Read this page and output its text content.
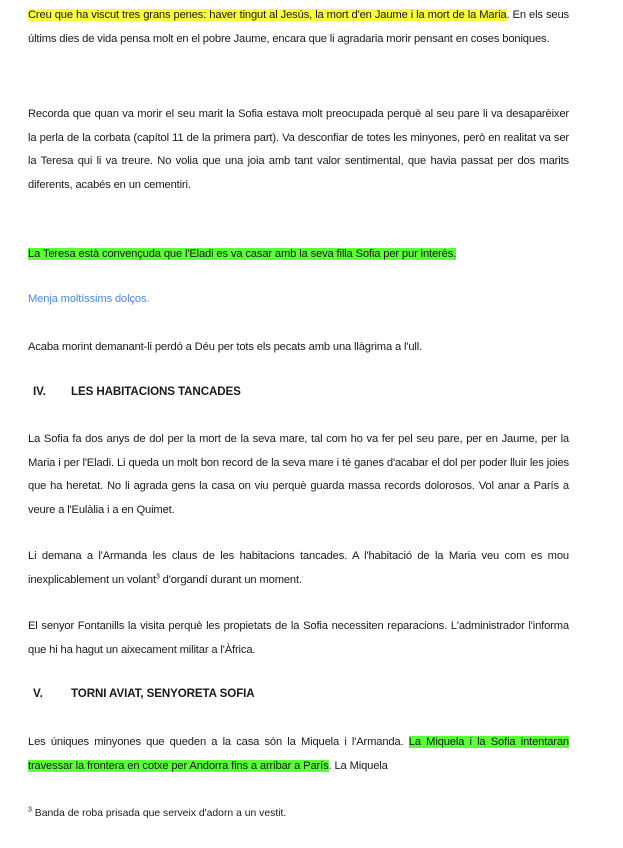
Creu que ha viscut tres grans penes: haver tingut al Jesús, la mort d'en Jaume i la mort de la Maria. En els seus últims dies de vida pensa molt en el pobre Jaume, encara que li agradaria morir pensant en coses boniques.
Recorda que quan va morir el seu marit la Sofia estava molt preocupada perquè al seu pare li va desaparèixer la perla de la corbata (capítol 11 de la primera part). Va desconfiar de totes les minyones, però en realitat va ser la Teresa qui li va treure. No volia que una joia amb tant valor sentimental, que havia passat per dos marits diferents, acabés en un cementiri.
La Teresa està convençuda que l'Eladi es va casar amb la seva filla Sofia per pur interès.
Menja moltíssims dolços.
Acaba morint demanant-li perdó a Déu per tots els pecats amb una llàgrima a l'ull.
IV. LES HABITACIONS TANCADES
La Sofia fa dos anys de dol per la mort de la seva mare, tal com ho va fer pel seu pare, per en Jaume, per la Maria i per l'Eladi. Li queda un molt bon record de la seva mare i té ganes d'acabar el dol per poder lluir les joies que ha heretat. No li agrada gens la casa on viu perquè guarda massa records dolorosos. Vol anar a París a veure a l'Eulàlia i a en Quimet.
Li demana a l'Armanda les claus de les habitacions tancades. A l'habitació de la Maria veu com es mou inexplicablement un volant$^3$ d'organdí durant un moment.
El senyor Fontanills la visita perquè les propietats de la Sofia necessiten reparacions. L'administrador l'informa que hi ha hagut un aixecament militar a l'Àfrica.
V. TORNI AVIAT, SENYORETA SOFIA
Les úniques minyones que queden a la casa són la Miquela i l'Armanda. La Miquela i la Sofia intentaran travessar la frontera en cotxe per Andorra fins a arribar a París. La Miquela
$^3$ Banda de roba prisada que serveix d'adorn a un vestit.
